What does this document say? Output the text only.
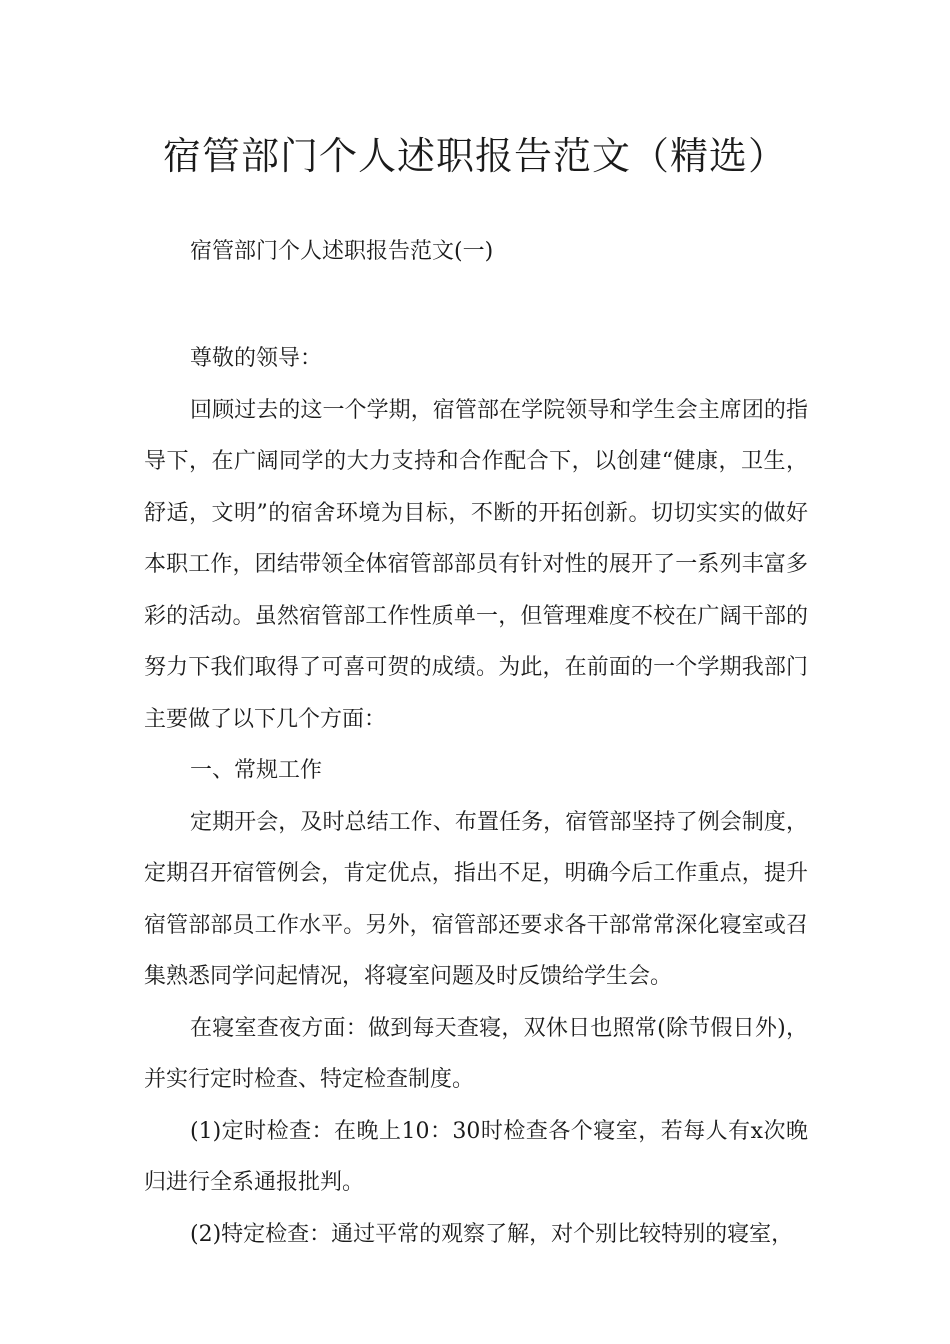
宿管部门个人述职报告范文（精选）
宿管部门个人述职报告范文(一)

尊敬的领导：

回顾过去的这一个学期，宿管部在学院领导和学生会主席团的指导下，在广阔同学的大力支持和合作配合下，以创建“健康，卫生，舒适，文明”的宿舍环境为目标，不断的开拓创新。切切实实的做好本职工作，团结带领全体宿管部部员有针对性的展开了一系列丰富多彩的活动。虽然宿管部工作性质单一，但管理难度不校在广阔干部的努力下我们取得了可喜可贺的成绩。为此，在前面的一个学期我部门主要做了以下几个方面：

一、常规工作

定期开会，及时总结工作、布置任务，宿管部坚持了例会制度，定期召开宿管例会，肯定优点，指出不足，明确今后工作重点，提升宿管部部员工作水平。另外，宿管部还要求各干部常常深化寝室或召集熟悉同学问起情况，将寝室问题及时反馈给学生会。

在寝室查夜方面：做到每天查寝，双休日也照常(除节假日外)，并实行定时检查、特定检查制度。

(1)定时检查：在晚上10：30时检查各个寝室，若每人有x次晚归进行全系通报批判。

(2)特定检查：通过平常的观察了解，对个别比较特别的寝室，
